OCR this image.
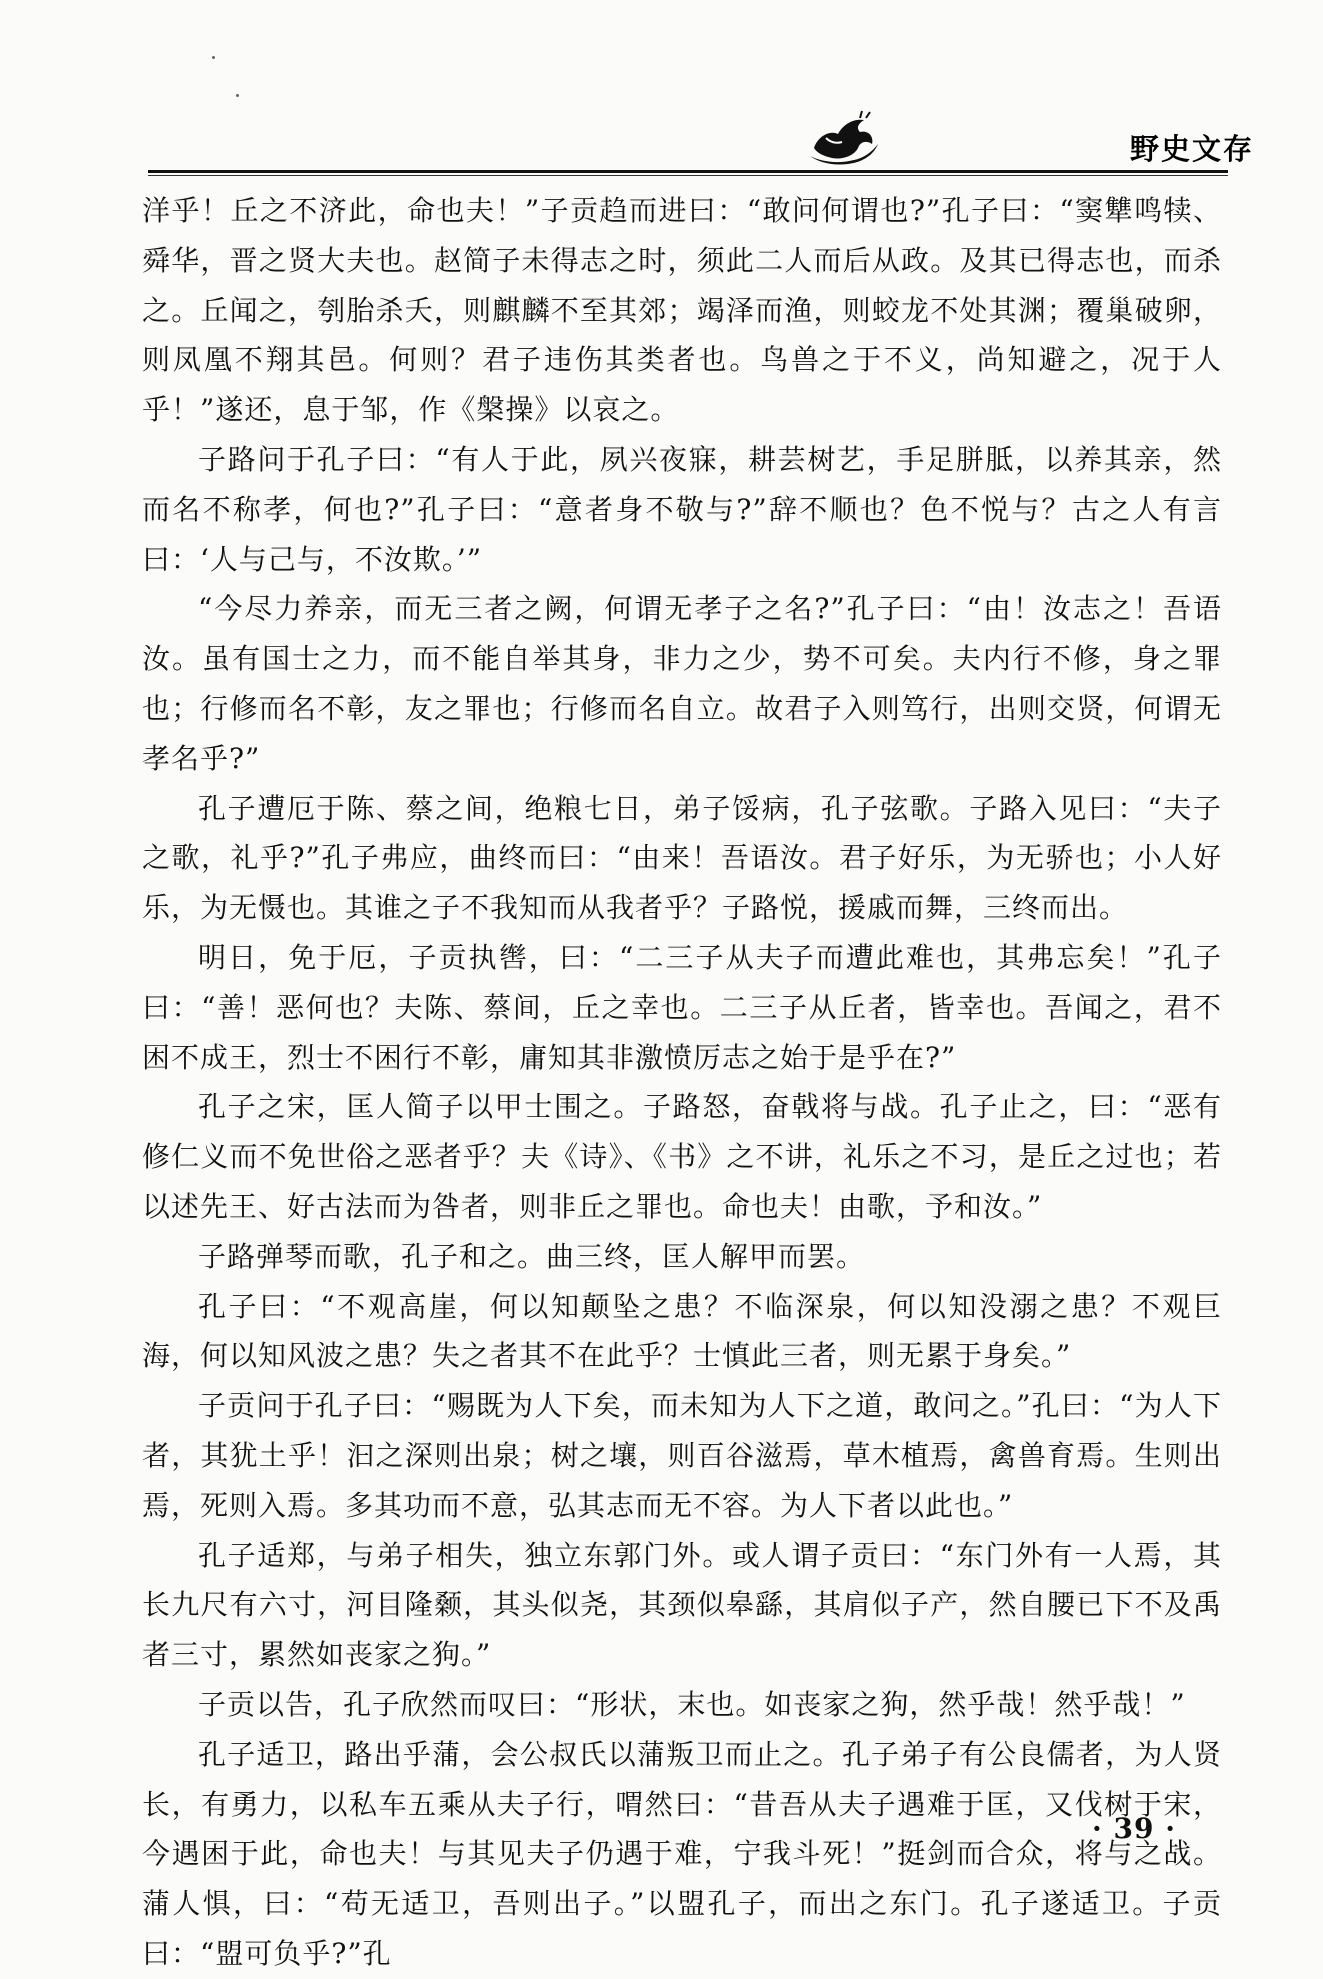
野史文存

洋乎！丘之不济此，命也夫！”子贡趋而进曰：“敢问何谓也?”孔子曰：“窦犨鸣犊、舜华，晋之贤大夫也。赵简子未得志之时，须此二人而后从政。及其已得志也，而杀之。丘闻之，刳胎杀夭，则麒麟不至其郊；竭泽而渔，则蛟龙不处其渊；覆巢破卵，则凤凰不翔其邑。何则？君子违伤其类者也。鸟兽之于不义，尚知避之，况于人乎！”遂还，息于邹，作《槃操》以哀之。

子路问于孔子曰：“有人于此，夙兴夜寐，耕芸树艺，手足胼胝，以养其亲，然而名不称孝，何也?”孔子曰：“意者身不敬与?”辞不顺也？色不悦与？古之人有言曰：‘人与己与，不汝欺。’”

“今尽力养亲，而无三者之阙，何谓无孝子之名?”孔子曰：“由！汝志之！吾语汝。虽有国士之力，而不能自举其身，非力之少，势不可矣。夫内行不修，身之罪也；行修而名不彰，友之罪也；行修而名自立。故君子入则笃行，出则交贤，何谓无孝名乎?”

孔子遭厄于陈、蔡之间，绝粮七日，弟子馁病，孔子弦歌。子路入见曰：“夫子之歌，礼乎?”孔子弗应，曲终而曰：“由来！吾语汝。君子好乐，为无骄也；小人好乐，为无慑也。其谁之子不我知而从我者乎？子路悦，援戚而舞，三终而出。

明日，免于厄，子贡执辔，曰：“二三子从夫子而遭此难也，其弗忘矣！”孔子曰：“善！恶何也？夫陈、蔡间，丘之幸也。二三子从丘者，皆幸也。吾闻之，君不困不成王，烈士不困行不彰，庸知其非激愤厉志之始于是乎在?”

孔子之宋，匡人简子以甲士围之。子路怒，奋戟将与战。孔子止之，曰：“恶有修仁义而不免世俗之恶者乎？夫《诗》、《书》之不讲，礼乐之不习，是丘之过也；若以述先王、好古法而为咎者，则非丘之罪也。命也夫！由歌，予和汝。”

子路弹琴而歌，孔子和之。曲三终，匡人解甲而罢。

孔子曰：“不观高崖，何以知颠坠之患？不临深泉，何以知没溺之患？不观巨海，何以知风波之患？失之者其不在此乎？士慎此三者，则无累于身矣。”

子贡问于孔子曰：“赐既为人下矣，而未知为人下之道，敢问之。”孔曰：“为人下者，其犹土乎！汩之深则出泉；树之壤，则百谷滋焉，草木植焉，禽兽育焉。生则出焉，死则入焉。多其功而不意，弘其志而无不容。为人下者以此也。”

孔子适郑，与弟子相失，独立东郭门外。或人谓子贡曰：“东门外有一人焉，其长九尺有六寸，河目隆颡，其头似尧，其颈似皋繇，其肩似子产，然自腰已下不及禹者三寸，累然如丧家之狗。”

子贡以告，孔子欣然而叹曰：“形状，末也。如丧家之狗，然乎哉！然乎哉！”

孔子适卫，路出乎蒲，会公叔氏以蒲叛卫而止之。孔子弟子有公良儒者，为人贤长，有勇力，以私车五乘从夫子行，喟然曰：“昔吾从夫子遇难于匡，又伐树于宋，今遇困于此，命也夫！与其见夫子仍遇于难，宁我斗死！”挺剑而合众，将与之战。蒲人惧，曰：“苟无适卫，吾则出子。”以盟孔子，而出之东门。孔子遂适卫。子贡曰：“盟可负乎?”孔

· 39 ·
